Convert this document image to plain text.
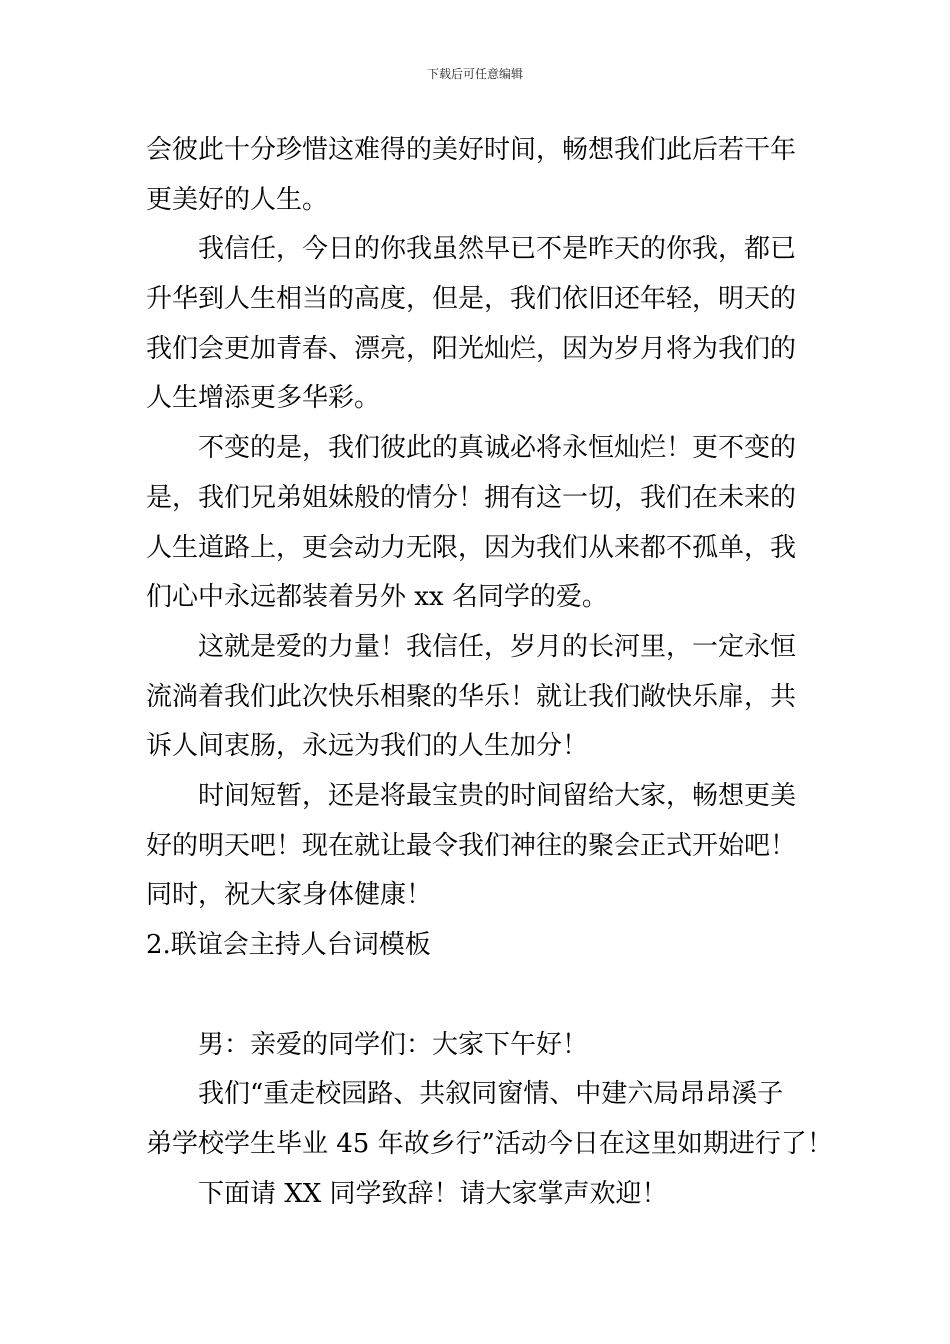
下载后可任意编辑
会彼此十分珍惜这难得的美好时间，畅想我们此后若干年
更美好的人生。
我信任，今日的你我虽然早已不是昨天的你我，都已
升华到人生相当的高度，但是，我们依旧还年轻，明天的
我们会更加青春、漂亮，阳光灿烂，因为岁月将为我们的
人生增添更多华彩。
不变的是，我们彼此的真诚必将永恒灿烂！更不变的
是，我们兄弟姐妹般的情分！拥有这一切，我们在未来的
人生道路上，更会动力无限，因为我们从来都不孤单，我
们心中永远都装着另外 xx 名同学的爱。
这就是爱的力量！我信任，岁月的长河里，一定永恒
流淌着我们此次快乐相聚的华乐！就让我们敞快乐扉，共
诉人间衷肠，永远为我们的人生加分！
时间短暂，还是将最宝贵的时间留给大家，畅想更美
好的明天吧！现在就让最令我们神往的聚会正式开始吧！
同时，祝大家身体健康！
2.联谊会主持人台词模板
男：亲爱的同学们：大家下午好！
我们“重走校园路、共叙同窗情、中建六局昂昂溪子
弟学校学生毕业 45 年故乡行”活动今日在这里如期进行了！
下面请 XX 同学致辞！请大家掌声欢迎！
